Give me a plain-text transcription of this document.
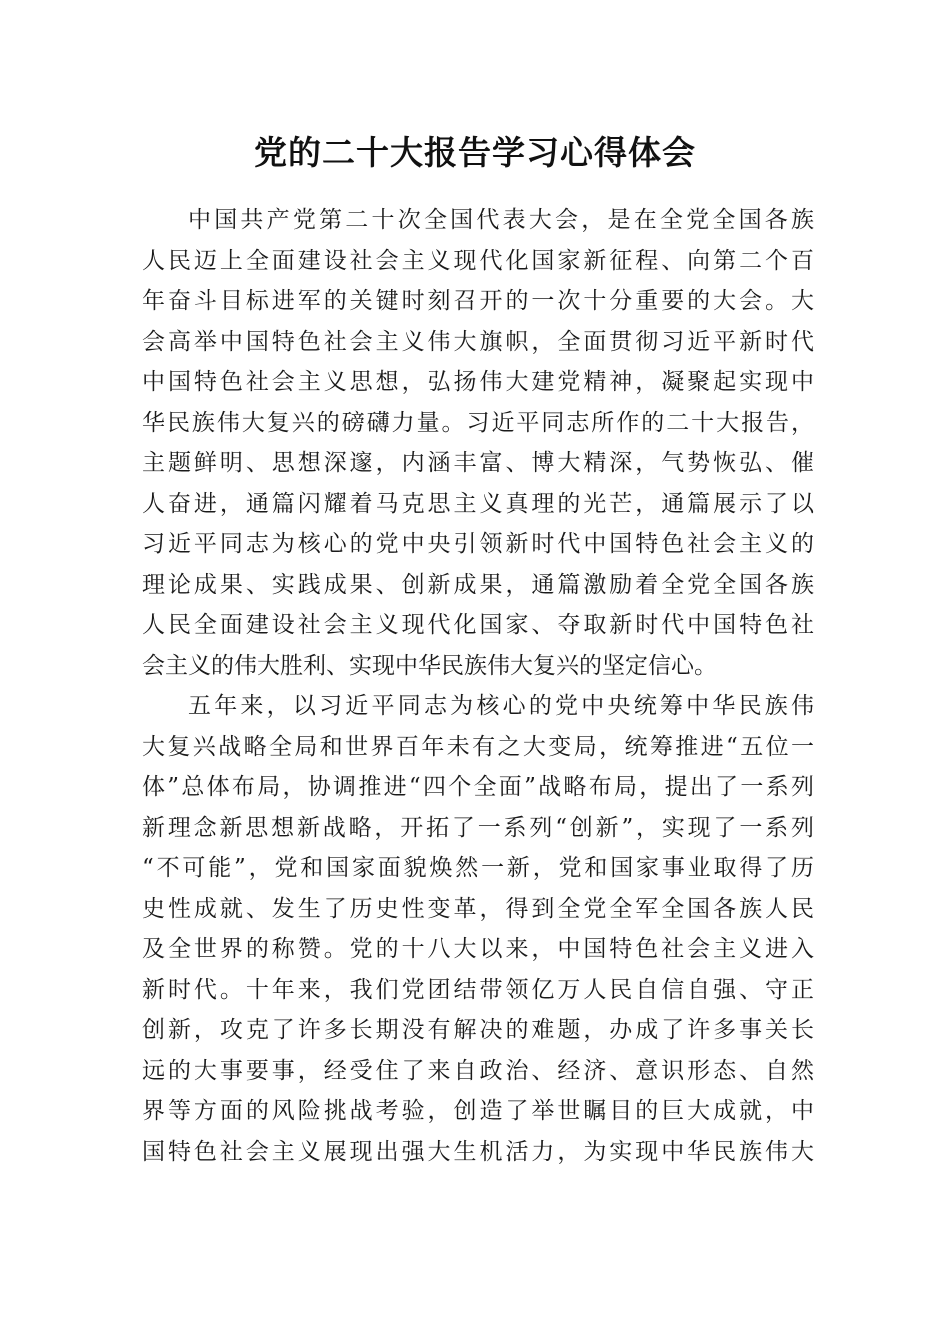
党的二十大报告学习心得体会
中国共产党第二十次全国代表大会，是在全党全国各族
人民迈上全面建设社会主义现代化国家新征程、向第二个百
年奋斗目标进军的关键时刻召开的一次十分重要的大会。大
会高举中国特色社会主义伟大旗帜，全面贯彻习近平新时代
中国特色社会主义思想，弘扬伟大建党精神，凝聚起实现中
华民族伟大复兴的磅礴力量。习近平同志所作的二十大报告，
主题鲜明、思想深邃，内涵丰富、博大精深，气势恢弘、催
人奋进，通篇闪耀着马克思主义真理的光芒，通篇展示了以
习近平同志为核心的党中央引领新时代中国特色社会主义的
理论成果、实践成果、创新成果，通篇激励着全党全国各族
人民全面建设社会主义现代化国家、夺取新时代中国特色社
会主义的伟大胜利、实现中华民族伟大复兴的坚定信心。
五年来，以习近平同志为核心的党中央统筹中华民族伟
大复兴战略全局和世界百年未有之大变局，统筹推进“五位一
体”总体布局，协调推进“四个全面”战略布局，提出了一系列
新理念新思想新战略，开拓了一系列“创新”，实现了一系列
“不可能”，党和国家面貌焕然一新，党和国家事业取得了历
史性成就、发生了历史性变革，得到全党全军全国各族人民
及全世界的称赞。党的十八大以来，中国特色社会主义进入
新时代。十年来，我们党团结带领亿万人民自信自强、守正
创新，攻克了许多长期没有解决的难题，办成了许多事关长
远的大事要事，经受住了来自政治、经济、意识形态、自然
界等方面的风险挑战考验，创造了举世瞩目的巨大成就，中
国特色社会主义展现出强大生机活力，为实现中华民族伟大
